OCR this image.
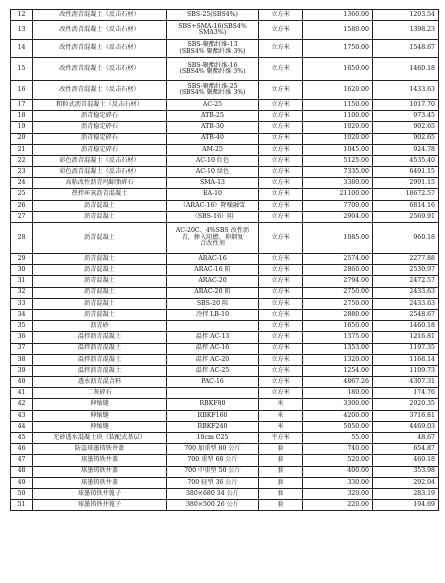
12	改性沥青混凝土（反击石材）	SBS-25(SBS4%)	立方米	1360.00	1203.54
13	改性沥青混凝土（反击石材）	SBS+SMA-16(SBS4%
SMA3%)	立方米	1580.00	1398.23
14	改性沥青混凝土（反击石材）	SBS-聚酯纤维-13
(SBS4% 聚酯纤维 3%)	立方米	1750.00	1548.67
15	改性沥青混凝土（反击石材）	SBS-聚酯纤维-16
(SBS4% 聚酯纤维 3%)	立方米	1650.00	1460.18
16	改性沥青混凝土（反击石材）	SBS-聚酯纤维-25
(SBS4% 聚酯纤维 3%)	立方米	1620.00	1433.63
17	粗粒式沥青混凝土（反击石材）	AC-25	立方米	1150.00	1017.70
18	沥青稳定碎石	ATB-25	立方米	1100.00	973.45
19	沥青稳定碎石	ATB-30	立方米	1020.00	902.65
20	沥青稳定碎石	ATB-40	立方米	1020.00	902.65
21	沥青稳定碎石	AM-25	立方米	1045.00	924.78
22	彩色沥青混凝土（反击石材）	AC-10 红色	立方米	5125.00	4535.40
23	彩色沥青混凝土（反击石材）	AC-10 绿色	立方米	7335.00	6491.15
24	高粘改性沥青玛蹄脂碎石	SMA-13	立方米	3380.00	2991.15
25	热拌环氧沥青混凝土	EA-10	立方米	21100.00	18672.57
26	沥青混凝土	（ARAC-16）降噪融雪	立方米	7700.00	6814.16
27	沥青混凝土	（SBS-16）阻	立方米	2904.00	2569.91
28	沥青混凝土	AC-20C、4%SBS 改性沥
青，掺入阻燃、抑烟复
合改性剂	立方米	1085.00	960.18
29	沥青混凝土	ARAC-16	立方米	2574.00	2277.88
30	沥青混凝土	ARAC-16 阻	立方米	2860.00	2530.97
31	沥青混凝土	ARAC-20	立方米	2794.00	2472.57
32	沥青混凝土	ARAC-20 阻	立方米	2750.00	2433.63
33	沥青混凝土	SBS-20 阻	立方米	2750.00	2433.63
34	沥青混凝土	冷拌 LB-10	立方米	2880.00	2548.67
35	沥青砂		立方米	1650.00	1460.18
36	温拌沥青混凝土	温拌 AC-13	立方米	1375.00	1216.81
37	温拌沥青混凝土	温拌 AC-16	立方米	1353.00	1197.35
38	温拌沥青混凝土	温拌 AC-20	立方米	1320.00	1168.14
39	温拌沥青混凝土	温拌 AC-25	立方米	1254.00	1109.73
40	透水沥青混合料	PAC-16	立方米	4867.26	4307.31
41	二灰碎石		立方米	180.00	174.76
42	伸缩缝	RBKF80	米	3300.00	2920.35
43	伸缩缝	RBKF160	米	4200.00	3716.81
44	伸缩缝	RBKF240	米	5050.00	4469.03
45	无砂透水混凝土块（装配式基层）	10cm C25	平方米	55.00	48.67
46	防盗球墨铸铁井盖	700 加重型 80 公斤	套	740.00	654.87
47	球墨铸铁井盖	700 重型 68 公斤	套	520.00	460.18
48	球墨铸铁井盖	700 中重型 50 公斤	套	400.00	353.98
49	球墨铸铁井盖	700 轻型 36 公斤	套	330.00	292.04
50	球墨铸铁井篦子	380×680 34 公斤	套	320.00	283.19
51	球墨铸铁井篦子	380×500 26 公斤	套	220.00	194.69
